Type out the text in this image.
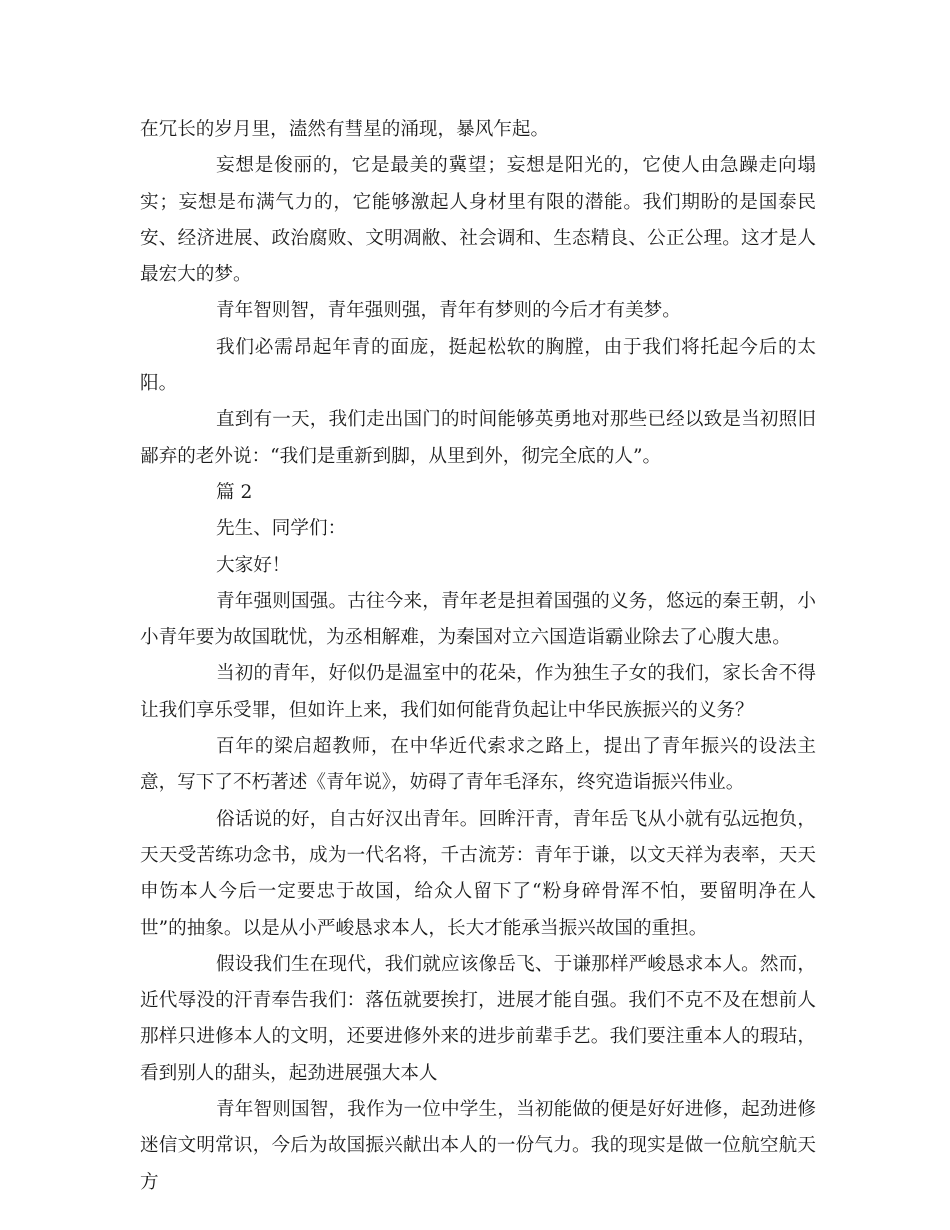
在冗长的岁月里，溘然有彗星的涌现，暴风乍起。

妄想是俊丽的，它是最美的冀望；妄想是阳光的，它使人由急躁走向塌实；妄想是布满气力的，它能够激起人身材里有限的潜能。我们期盼的是国泰民安、经济进展、政治腐败、文明凋敝、社会调和、生态精良、公正公理。这才是人最宏大的梦。

青年智则智，青年强则强，青年有梦则的今后才有美梦。

我们必需昂起年青的面庞，挺起松软的胸膛，由于我们将托起今后的太阳。

直到有一天，我们走出国门的时间能够英勇地对那些已经以致是当初照旧鄙弃的老外说：“我们是重新到脚，从里到外，彻完全底的人”。

篇 2

先生、同学们：

大家好！

青年强则国强。古往今来，青年老是担着国强的义务，悠远的秦王朝，小小青年要为故国耽忧，为丞相解难，为秦国对立六国造诣霸业除去了心腹大患。

当初的青年，好似仍是温室中的花朵，作为独生子女的我们，家长舍不得让我们享乐受罪，但如许上来，我们如何能背负起让中华民族振兴的义务？

百年的梁启超教师，在中华近代索求之路上，提出了青年振兴的设法主意，写下了不朽著述《青年说》，妨碍了青年毛泽东，终究造诣振兴伟业。

俗话说的好，自古好汉出青年。回眸汗青，青年岳飞从小就有弘远抱负，天天受苦练功念书，成为一代名将，千古流芳：青年于谦，以文天祥为表率，天天申饬本人今后一定要忠于故国，给众人留下了“粉身碎骨浑不怕，要留明净在人世”的抽象。以是从小严峻恳求本人，长大才能承当振兴故国的重担。

假设我们生在现代，我们就应该像岳飞、于谦那样严峻恳求本人。然而，近代辱没的汗青奉告我们：落伍就要挨打，进展才能自强。我们不克不及在想前人那样只进修本人的文明，还要进修外来的进步前辈手艺。我们要注重本人的瑕玷，看到别人的甜头，起劲进展强大本人

青年智则国智，我作为一位中学生，当初能做的便是好好进修，起劲进修迷信文明常识，今后为故国振兴献出本人的一份气力。我的现实是做一位航空航天方
